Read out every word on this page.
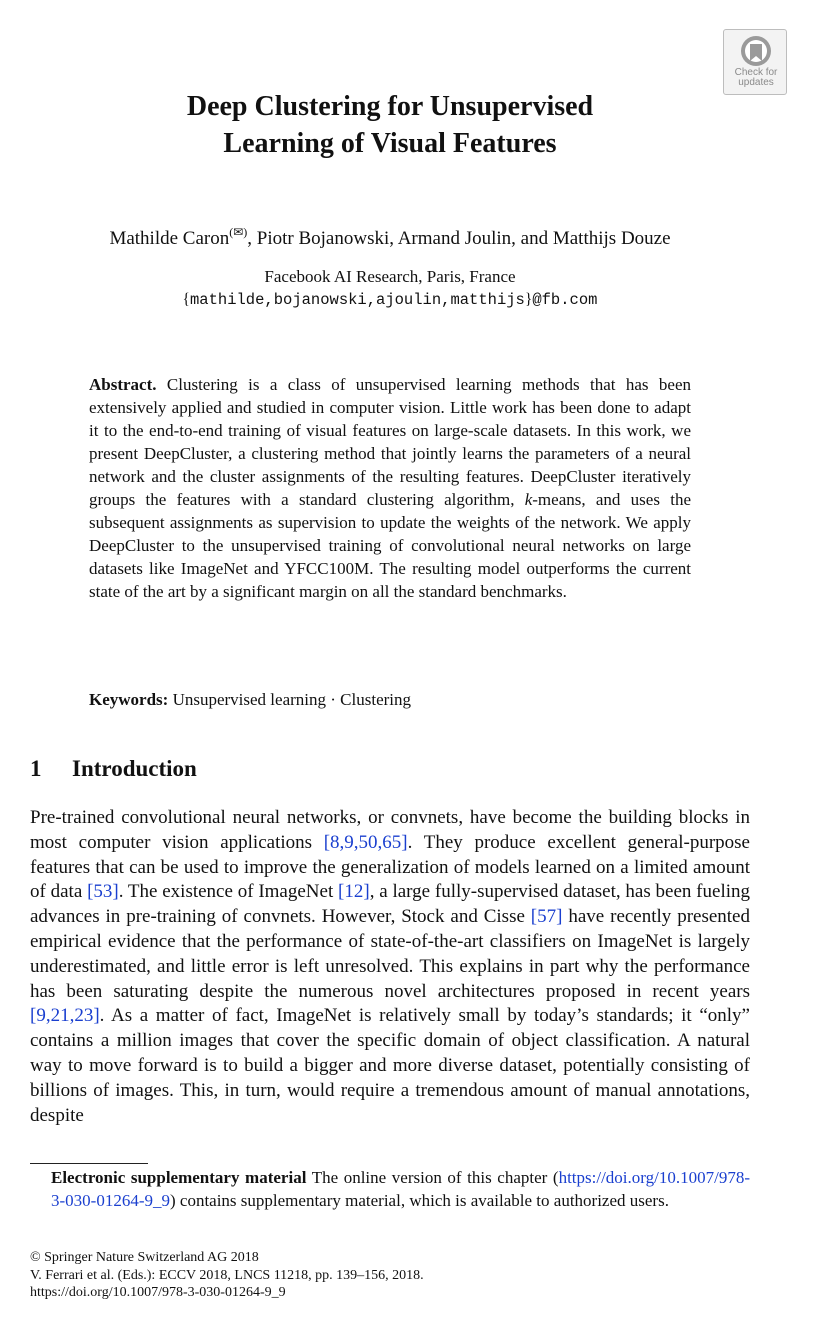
Check for
updates
Deep Clustering for Unsupervised
Learning of Visual Features
Mathilde Caron(✉), Piotr Bojanowski, Armand Joulin, and Matthijs Douze
Facebook AI Research, Paris, France
{mathilde,bojanowski,ajoulin,matthijs}@fb.com
Abstract. Clustering is a class of unsupervised learning methods that has been extensively applied and studied in computer vision. Little work has been done to adapt it to the end-to-end training of visual features on large-scale datasets. In this work, we present DeepCluster, a clustering method that jointly learns the parameters of a neural network and the cluster assignments of the resulting features. DeepCluster iteratively groups the features with a standard clustering algorithm, k-means, and uses the subsequent assignments as supervision to update the weights of the network. We apply DeepCluster to the unsupervised training of convolutional neural networks on large datasets like ImageNet and YFCC100M. The resulting model outperforms the current state of the art by a significant margin on all the standard benchmarks.
Keywords: Unsupervised learning · Clustering
1 Introduction
Pre-trained convolutional neural networks, or convnets, have become the building blocks in most computer vision applications [8,9,50,65]. They produce excellent general-purpose features that can be used to improve the generalization of models learned on a limited amount of data [53]. The existence of ImageNet [12], a large fully-supervised dataset, has been fueling advances in pre-training of convnets. However, Stock and Cisse [57] have recently presented empirical evidence that the performance of state-of-the-art classifiers on ImageNet is largely underestimated, and little error is left unresolved. This explains in part why the performance has been saturating despite the numerous novel architectures proposed in recent years [9,21,23]. As a matter of fact, ImageNet is relatively small by today’s standards; it “only” contains a million images that cover the specific domain of object classification. A natural way to move forward is to build a bigger and more diverse dataset, potentially consisting of billions of images. This, in turn, would require a tremendous amount of manual annotations, despite
Electronic supplementary material The online version of this chapter (https://doi.org/10.1007/978-3-030-01264-9_9) contains supplementary material, which is available to authorized users.
© Springer Nature Switzerland AG 2018
V. Ferrari et al. (Eds.): ECCV 2018, LNCS 11218, pp. 139–156, 2018.
https://doi.org/10.1007/978-3-030-01264-9_9
